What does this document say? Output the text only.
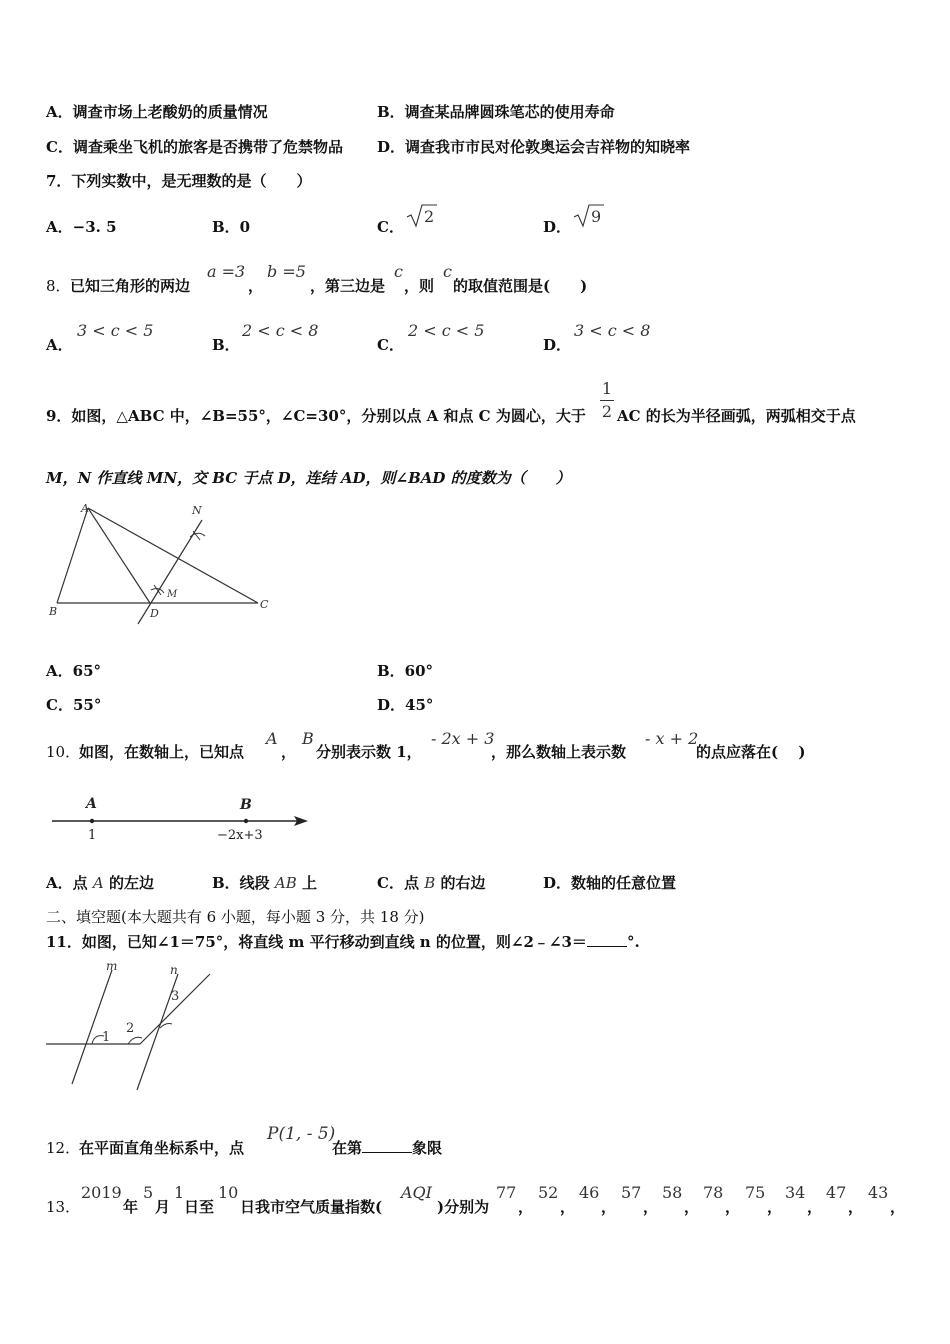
A．调查市场上老酸奶的质量情况	B．调查某品牌圆珠笔芯的使用寿命
C．调查乘坐飞机的旅客是否携带了危禁物品 D．调查我市市民对伦敦奥运会吉祥物的知晓率
7．下列实数中，是无理数的是（　　）
A．−3. 5	B．0	C．
2
D．
9
8． 已知三角形的两边
a =3
，
b =5
，第三边是
c
，则
c
的取值范围是(　　)
A．
3 < c < 5
B．
2 < c < 8
C．
2 < c < 5
D．
3 < c < 8
9．如图，△ABC 中，∠B=55°，∠C=30°，分别以点 A 和点 C 为圆心，大于
1
2 AC 的长为半径画弧，两弧相交于点
M，N 作直线 MN，交 BC 于点 D，连结 AD，则∠BAD 的度数为（　　）
A
B
C
D
M
N
A．65°	B．60°
C．55°	D．45°
10．
如图，在数轴上，已知点
A
，
B
分别表示数 1，
- 2x + 3
，那么数轴上表示数
- x + 2
的点应落在(　 )
A	B
1	−2x+3
A．点 A 的左边	B．线段 AB 上	C．点 B 的右边	D．数轴的任意位置
二、填空题(本大题共有 6 小题，每小题 3 分，共 18 分)
11．如图，已知∠1＝75°，将直线 m 平行移动到直线 n 的位置，则∠2﹣∠3＝	°.
m	n
1
2
3
12．
在平面直角坐标系中，点
P(1, - 5)
在第	象限
13．
2019
年
5
月
1
日至
10
日我市空气质量指数(
AQI
)分别为
77
，
52
，
46
，
57
，
58
，
78
，
75
，
34
，
47
，
43
，
